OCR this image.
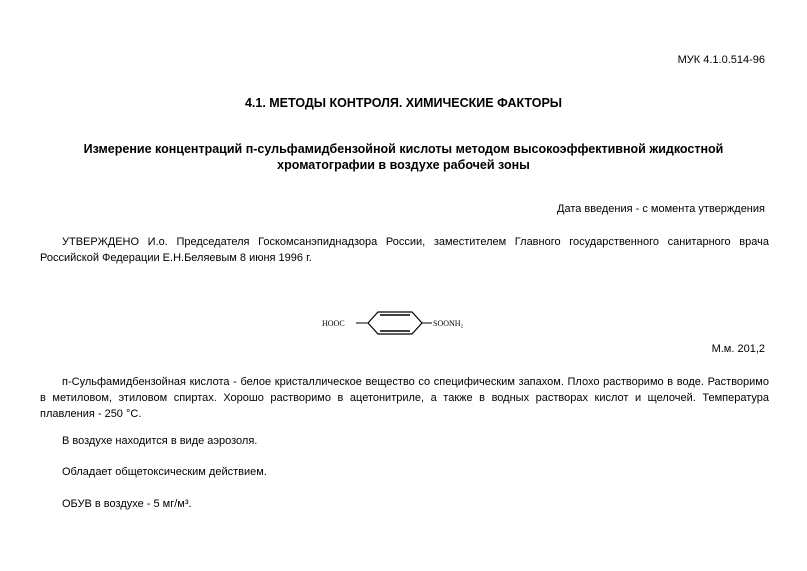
МУК 4.1.0.514-96
4.1. МЕТОДЫ КОНТРОЛЯ. ХИМИЧЕСКИЕ ФАКТОРЫ
Измерение концентраций п-сульфамидбензойной кислоты методом высокоэффективной жидкостной хроматографии в воздухе рабочей зоны
Дата введения - с момента утверждения
УТВЕРЖДЕНО И.о. Председателя Госкомсанэпиднадзора России, заместителем Главного государственного санитарного врача Российской Федерации Е.Н.Беляевым 8 июня 1996 г.
HOOC	SOONH₂
М.м. 201,2
п-Сульфамидбензойная кислота - белое кристаллическое вещество со специфическим запахом. Плохо растворимо в воде. Растворимо в метиловом, этиловом спиртах. Хорошо растворимо в ацетонитриле, а также в водных растворах кислот и щелочей. Температура плавления - 250 °С.
В воздухе находится в виде аэрозоля.
Обладает общетоксическим действием.
ОБУВ в воздухе - 5 мг/м³.
